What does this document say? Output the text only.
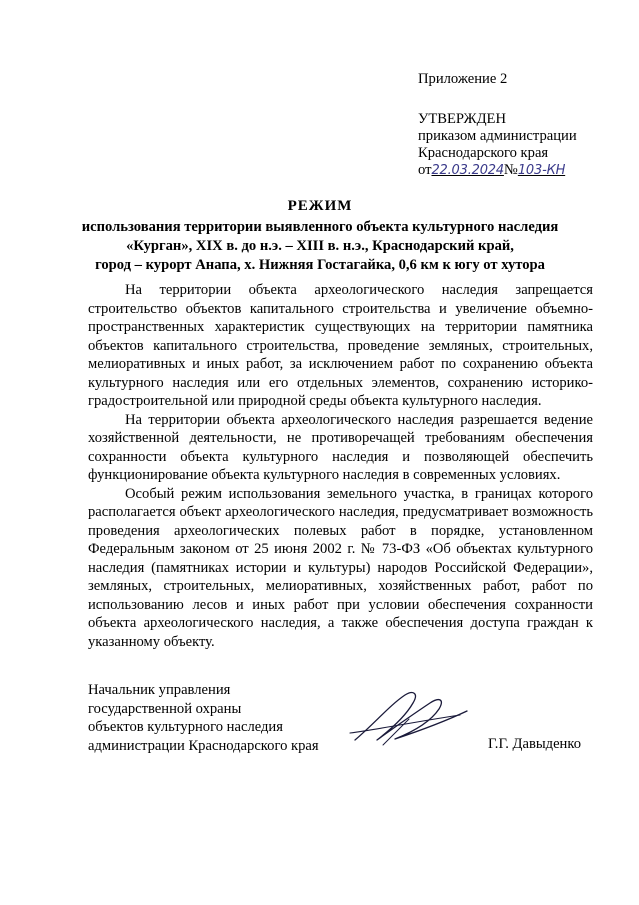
Приложение 2
УТВЕРЖДЕН
приказом администрации
Краснодарского края
от22.03.2024№103-КН
РЕЖИМ
использования территории выявленного объекта культурного наследия
«Курган», XIX в. до н.э. – XIII в. н.э., Краснодарский край,
город – курорт Анапа, х. Нижняя Гостагайка, 0,6 км к югу от хутора

На территории объекта археологического наследия запрещается строительство объектов капитального строительства и увеличение объемно-пространственных характеристик существующих на территории памятника объектов капитального строительства, проведение земляных, строительных, мелиоративных и иных работ, за исключением работ по сохранению объекта культурного наследия или его отдельных элементов, сохранению историко-градостроительной или природной среды объекта культурного наследия.

На территории объекта археологического наследия разрешается ведение хозяйственной деятельности, не противоречащей требованиям обеспечения сохранности объекта культурного наследия и позволяющей обеспечить функционирование объекта культурного наследия в современных условиях.

Особый режим использования земельного участка, в границах которого располагается объект археологического наследия, предусматривает возможность проведения археологических полевых работ в порядке, установленном Федеральным законом от 25 июня 2002 г. № 73-ФЗ «Об объектах культурного наследия (памятниках истории и культуры) народов Российской Федерации», земляных, строительных, мелиоративных, хозяйственных работ, работ по использованию лесов и иных работ при условии обеспечения сохранности объекта археологического наследия, а также обеспечения доступа граждан к указанному объекту.

Начальник управления
государственной охраны
объектов культурного наследия
администрации Краснодарского края	Г.Г. Давыденко
